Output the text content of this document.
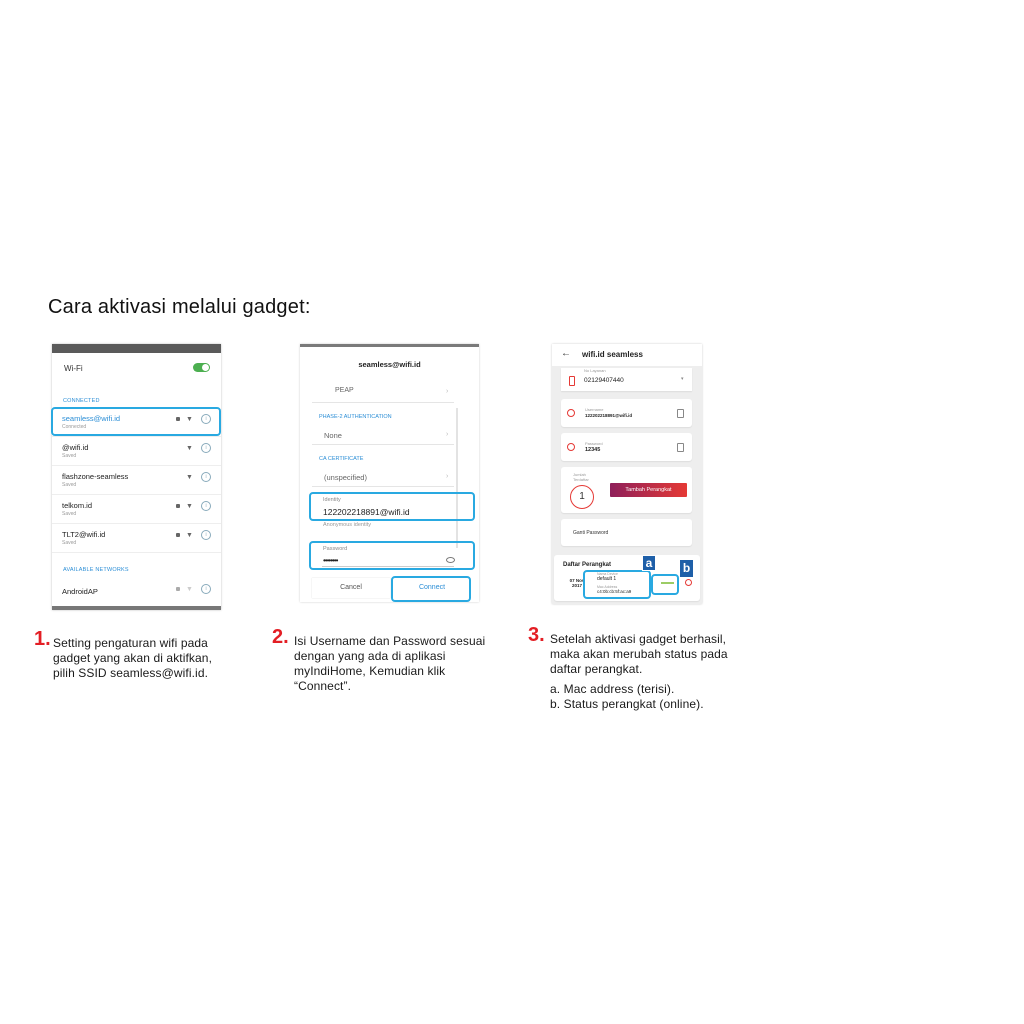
Cara aktivasi melalui gadget:
Wi-Fi
CONNECTED
seamless@wifi.id
Connected
▼	i
@wifi.id
Saved
▼	i
flashzone-seamless
Saved
▼	i
telkom.id
Saved
▼	i
TLT2@wifi.id
Saved
▼	i
AVAILABLE NETWORKS
AndroidAP	▼	i
seamless@wifi.id
PEAP	›
PHASE-2 AUTHENTICATION
None	›
CA CERTIFICATE
(unspecified)	›
Identity
122202218891@wifi.id
Anonymous identity
Password
••••••••
Cancel	Connect
← wifi.id seamless
No Layanan
02129407440	▾
Username
122202218891@wifi.id
Password
12345
Jumlah Terdaftar
1
Tambah Perangkat
Ganti Password
Daftar Perangkat
07 Nov 2017
Nama Device
default 1
Mac Address
c4:0b:cb:5f:ac:a9
a	b
1. Setting pengaturan wifi pada
gadget yang akan di aktifkan,
pilih SSID seamless@wifi.id.
2. Isi Username dan Password sesuai
dengan yang ada di aplikasi
myIndiHome, Kemudian klik
“Connect”.
3. Setelah aktivasi gadget berhasil,
maka akan merubah status pada
daftar perangkat.
a. Mac address (terisi).
b. Status perangkat (online).
